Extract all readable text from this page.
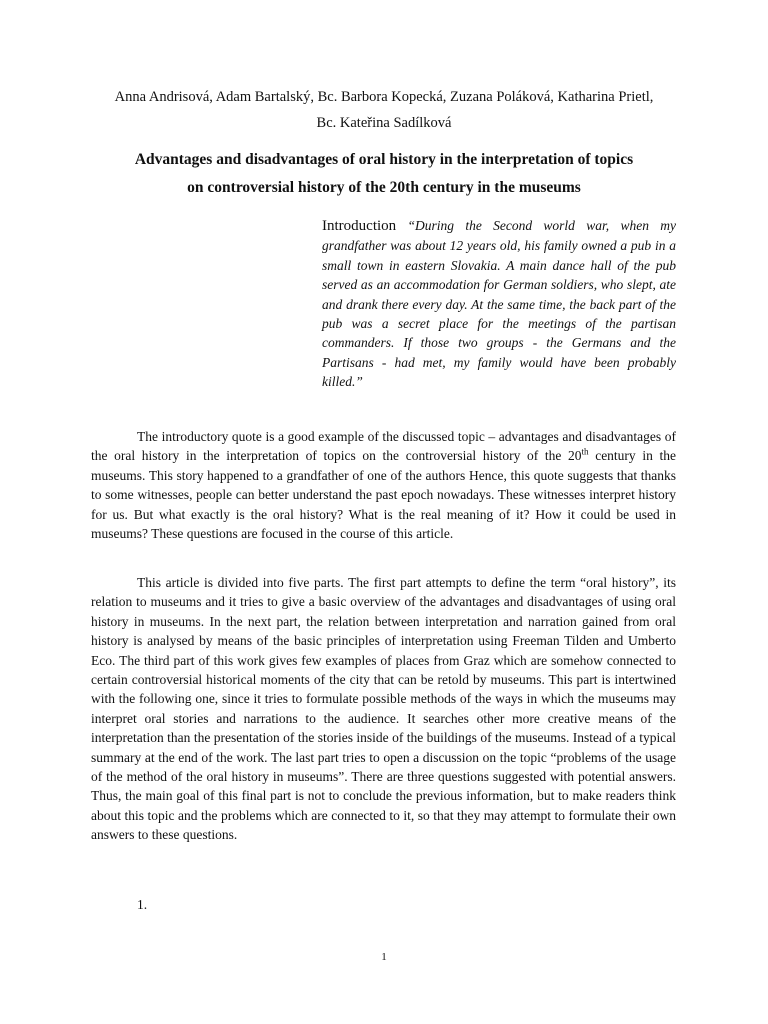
Anna Andrisová, Adam Bartalský, Bc. Barbora Kopecká, Zuzana Poláková, Katharina Prietl,
Bc. Kateřina Sadílková
Advantages and disadvantages of oral history in the interpretation of topics
on controversial history of the 20th century in the museums
Introduction “During the Second world war, when my grandfather was about 12 years old, his family owned a pub in a small town in eastern Slovakia. A main dance hall of the pub served as an accommodation for German soldiers, who slept, ate and drank there every day. At the same time, the back part of the pub was a secret place for the meetings of the partisan commanders. If those two groups - the Germans and the Partisans - had met, my family would have been probably killed.”

The introductory quote is a good example of the discussed topic – advantages and disadvantages of the oral history in the interpretation of topics on the controversial history of the 20th century in the museums. This story happened to a grandfather of one of the authors Hence, this quote suggests that thanks to some witnesses, people can better understand the past epoch nowadays. These witnesses interpret history for us. But what exactly is the oral history? What is the real meaning of it? How it could be used in museums? These questions are focused in the course of this article.

This article is divided into five parts. The first part attempts to define the term “oral history”, its relation to museums and it tries to give a basic overview of the advantages and disadvantages of using oral history in museums. In the next part, the relation between interpretation and narration gained from oral history is analysed by means of the basic principles of interpretation using Freeman Tilden and Umberto Eco. The third part of this work gives few examples of places from Graz which are somehow connected to certain controversial historical moments of the city that can be retold by museums. This part is intertwined with the following one, since it tries to formulate possible methods of the ways in which the museums may interpret oral stories and narrations to the audience. It searches other more creative means of the interpretation than the presentation of the stories inside of the buildings of the museums. Instead of a typical summary at the end of the work. The last part tries to open a discussion on the topic “problems of the usage of the method of the oral history in museums”. There are three questions suggested with potential answers. Thus, the main goal of this final part is not to conclude the previous information, but to make readers think about this topic and the problems which are connected to it, so that they may attempt to formulate their own answers to these questions.

1.
1
